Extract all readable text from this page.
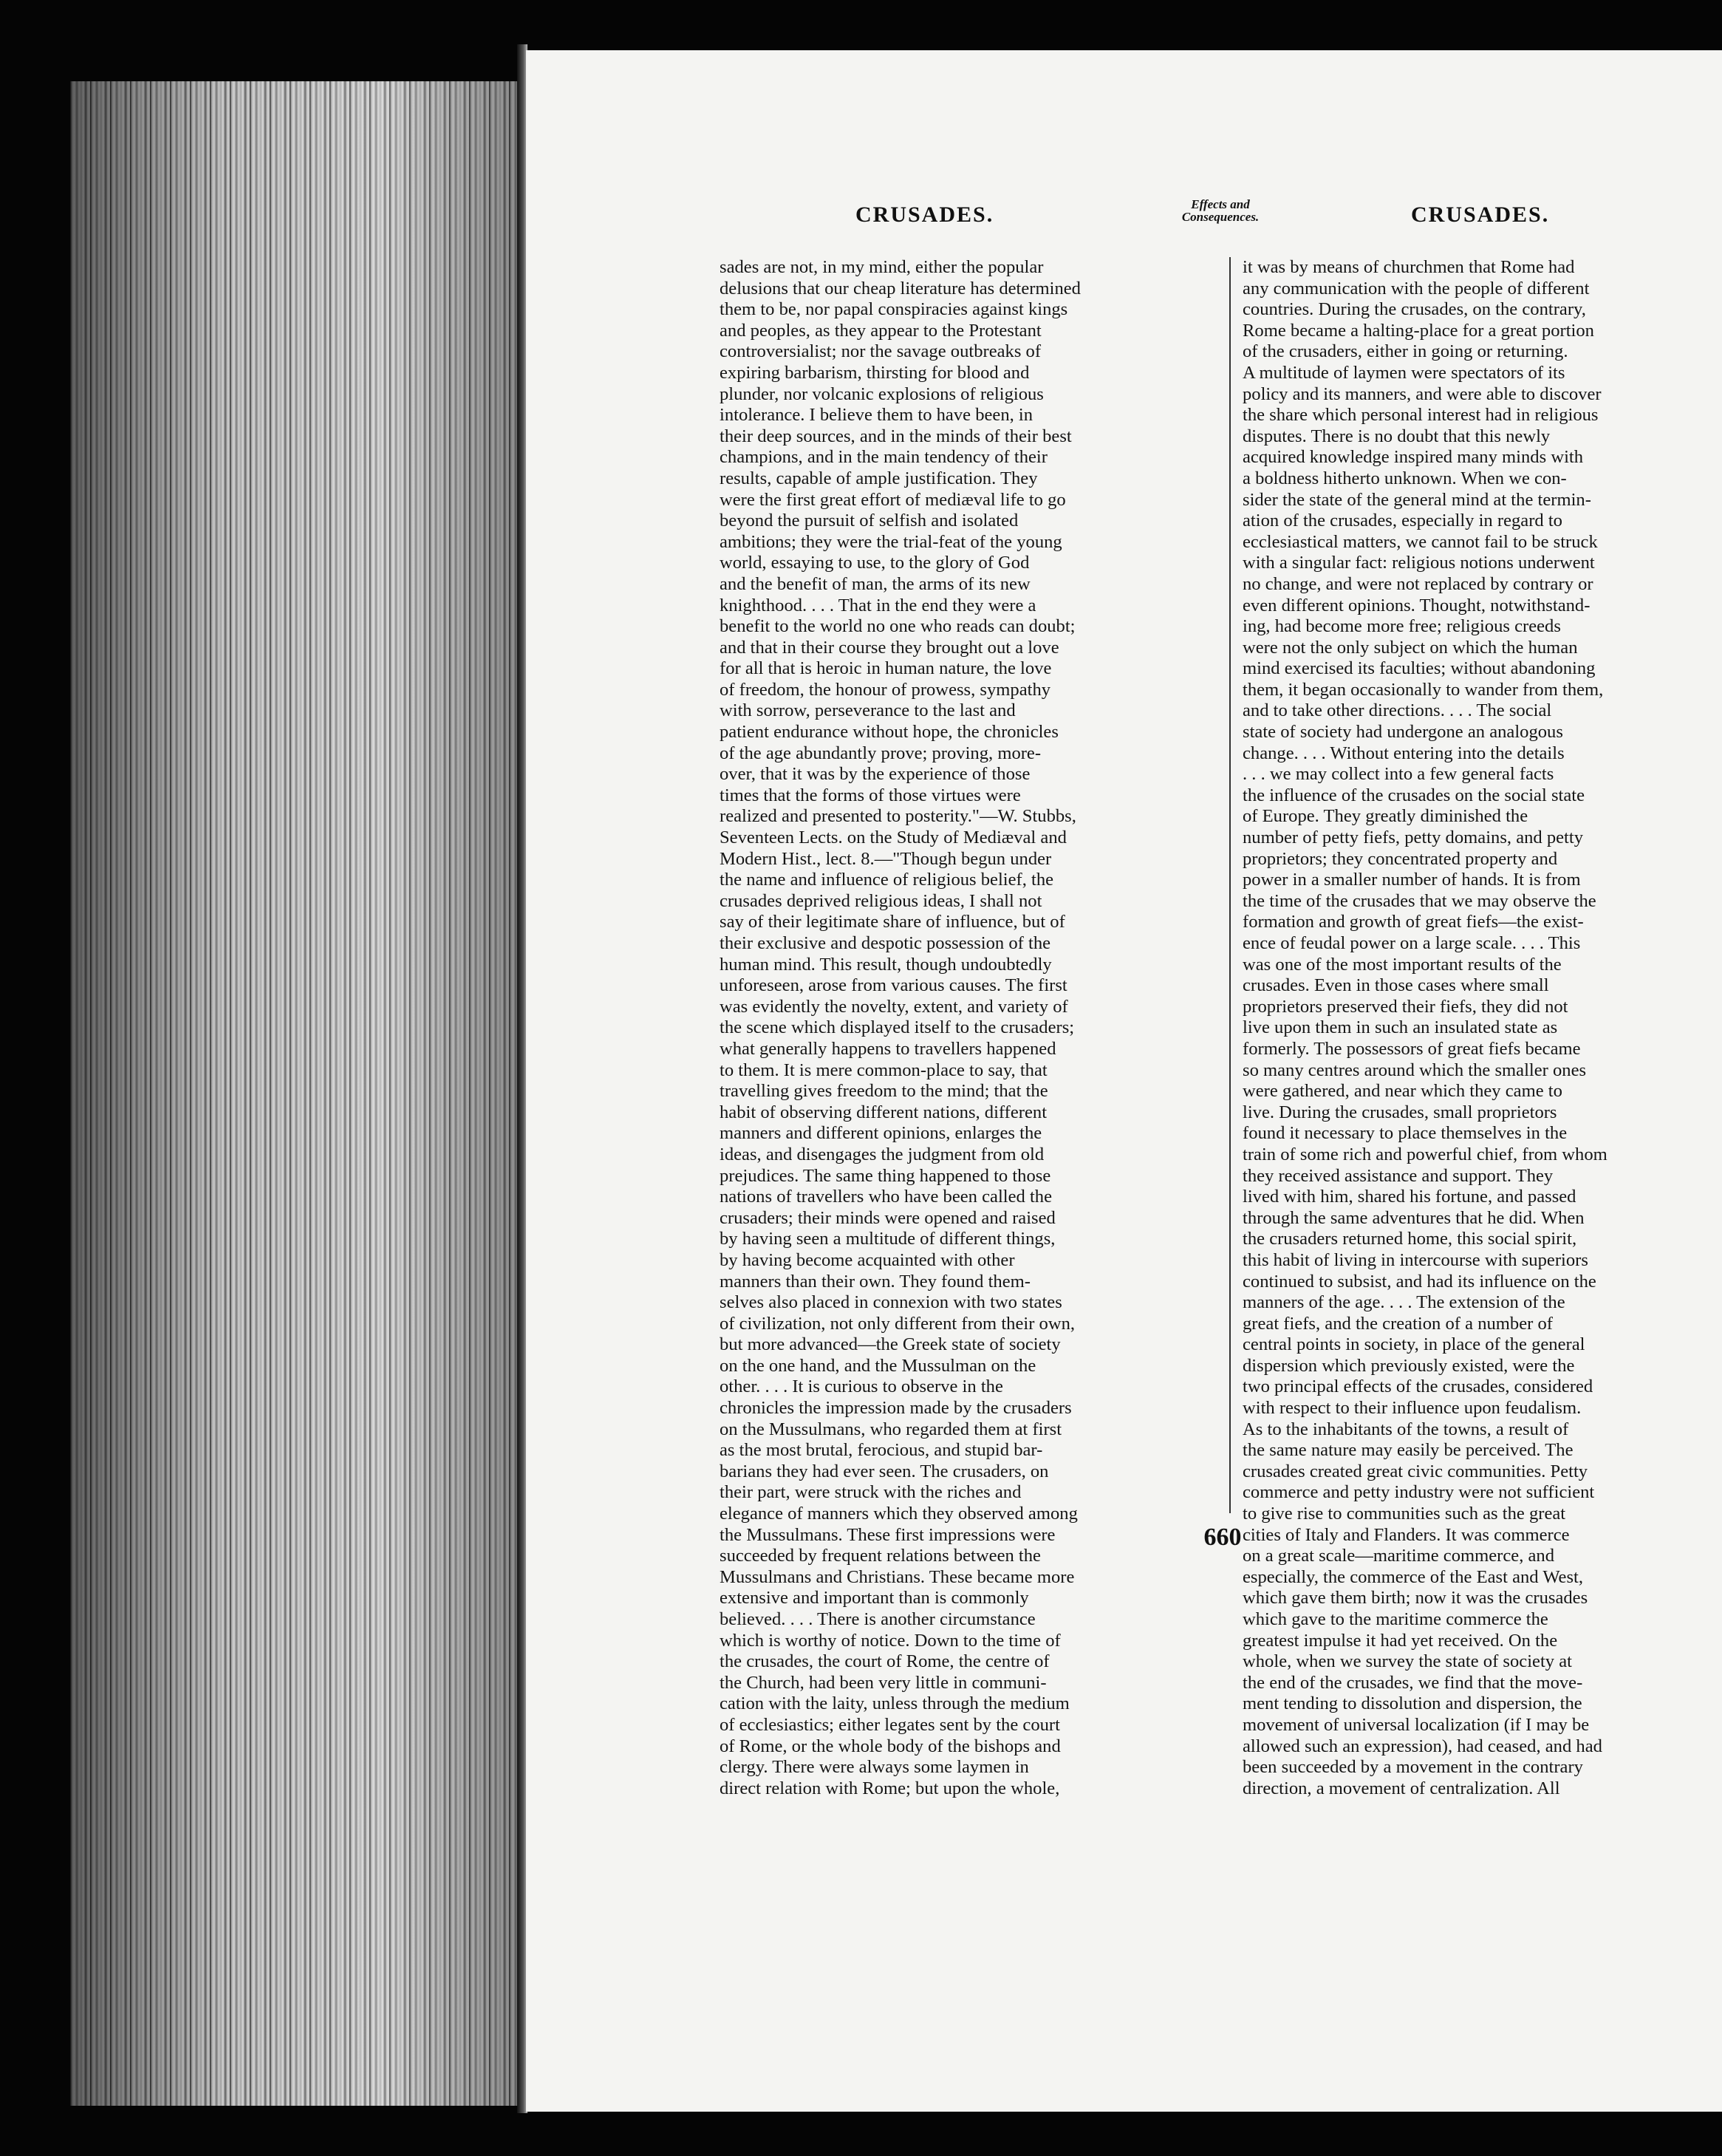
CRUSADES.	Effects and
Consequences.	CRUSADES.
sades are not, in my mind, either the popular
delusions that our cheap literature has determined
them to be, nor papal conspiracies against kings
and peoples, as they appear to the Protestant
controversialist; nor the savage outbreaks of
expiring barbarism, thirsting for blood and
plunder, nor volcanic explosions of religious
intolerance. I believe them to have been, in
their deep sources, and in the minds of their best
champions, and in the main tendency of their
results, capable of ample justification. They
were the first great effort of mediæval life to go
beyond the pursuit of selfish and isolated
ambitions; they were the trial-feat of the young
world, essaying to use, to the glory of God
and the benefit of man, the arms of its new
knighthood. . . . That in the end they were a
benefit to the world no one who reads can doubt;
and that in their course they brought out a love
for all that is heroic in human nature, the love
of freedom, the honour of prowess, sympathy
with sorrow, perseverance to the last and
patient endurance without hope, the chronicles
of the age abundantly prove; proving, more-
over, that it was by the experience of those
times that the forms of those virtues were
realized and presented to posterity."—W. Stubbs,
Seventeen Lects. on the Study of Mediæval and
Modern Hist., lect. 8.—"Though begun under
the name and influence of religious belief, the
crusades deprived religious ideas, I shall not
say of their legitimate share of influence, but of
their exclusive and despotic possession of the
human mind. This result, though undoubtedly
unforeseen, arose from various causes. The first
was evidently the novelty, extent, and variety of
the scene which displayed itself to the crusaders;
what generally happens to travellers happened
to them. It is mere common-place to say, that
travelling gives freedom to the mind; that the
habit of observing different nations, different
manners and different opinions, enlarges the
ideas, and disengages the judgment from old
prejudices. The same thing happened to those
nations of travellers who have been called the
crusaders; their minds were opened and raised
by having seen a multitude of different things,
by having become acquainted with other
manners than their own. They found them-
selves also placed in connexion with two states
of civilization, not only different from their own,
but more advanced—the Greek state of society
on the one hand, and the Mussulman on the
other. . . . It is curious to observe in the
chronicles the impression made by the crusaders
on the Mussulmans, who regarded them at first
as the most brutal, ferocious, and stupid bar-
barians they had ever seen. The crusaders, on
their part, were struck with the riches and
elegance of manners which they observed among
the Mussulmans. These first impressions were
succeeded by frequent relations between the
Mussulmans and Christians. These became more
extensive and important than is commonly
believed. . . . There is another circumstance
which is worthy of notice. Down to the time of
the crusades, the court of Rome, the centre of
the Church, had been very little in communi-
cation with the laity, unless through the medium
of ecclesiastics; either legates sent by the court
of Rome, or the whole body of the bishops and
clergy. There were always some laymen in
direct relation with Rome; but upon the whole,
it was by means of churchmen that Rome had
any communication with the people of different
countries. During the crusades, on the contrary,
Rome became a halting-place for a great portion
of the crusaders, either in going or returning.
A multitude of laymen were spectators of its
policy and its manners, and were able to discover
the share which personal interest had in religious
disputes. There is no doubt that this newly
acquired knowledge inspired many minds with
a boldness hitherto unknown. When we con-
sider the state of the general mind at the termin-
ation of the crusades, especially in regard to
ecclesiastical matters, we cannot fail to be struck
with a singular fact: religious notions underwent
no change, and were not replaced by contrary or
even different opinions. Thought, notwithstand-
ing, had become more free; religious creeds
were not the only subject on which the human
mind exercised its faculties; without abandoning
them, it began occasionally to wander from them,
and to take other directions. . . . The social
state of society had undergone an analogous
change. . . . Without entering into the details
. . . we may collect into a few general facts
the influence of the crusades on the social state
of Europe. They greatly diminished the
number of petty fiefs, petty domains, and petty
proprietors; they concentrated property and
power in a smaller number of hands. It is from
the time of the crusades that we may observe the
formation and growth of great fiefs—the exist-
ence of feudal power on a large scale. . . . This
was one of the most important results of the
crusades. Even in those cases where small
proprietors preserved their fiefs, they did not
live upon them in such an insulated state as
formerly. The possessors of great fiefs became
so many centres around which the smaller ones
were gathered, and near which they came to
live. During the crusades, small proprietors
found it necessary to place themselves in the
train of some rich and powerful chief, from whom
they received assistance and support. They
lived with him, shared his fortune, and passed
through the same adventures that he did. When
the crusaders returned home, this social spirit,
this habit of living in intercourse with superiors
continued to subsist, and had its influence on the
manners of the age. . . . The extension of the
great fiefs, and the creation of a number of
central points in society, in place of the general
dispersion which previously existed, were the
two principal effects of the crusades, considered
with respect to their influence upon feudalism.
As to the inhabitants of the towns, a result of
the same nature may easily be perceived. The
crusades created great civic communities. Petty
commerce and petty industry were not sufficient
to give rise to communities such as the great
cities of Italy and Flanders. It was commerce
on a great scale—maritime commerce, and
especially, the commerce of the East and West,
which gave them birth; now it was the crusades
which gave to the maritime commerce the
greatest impulse it had yet received. On the
whole, when we survey the state of society at
the end of the crusades, we find that the move-
ment tending to dissolution and dispersion, the
movement of universal localization (if I may be
allowed such an expression), had ceased, and had
been succeeded by a movement in the contrary
direction, a movement of centralization. All
660
